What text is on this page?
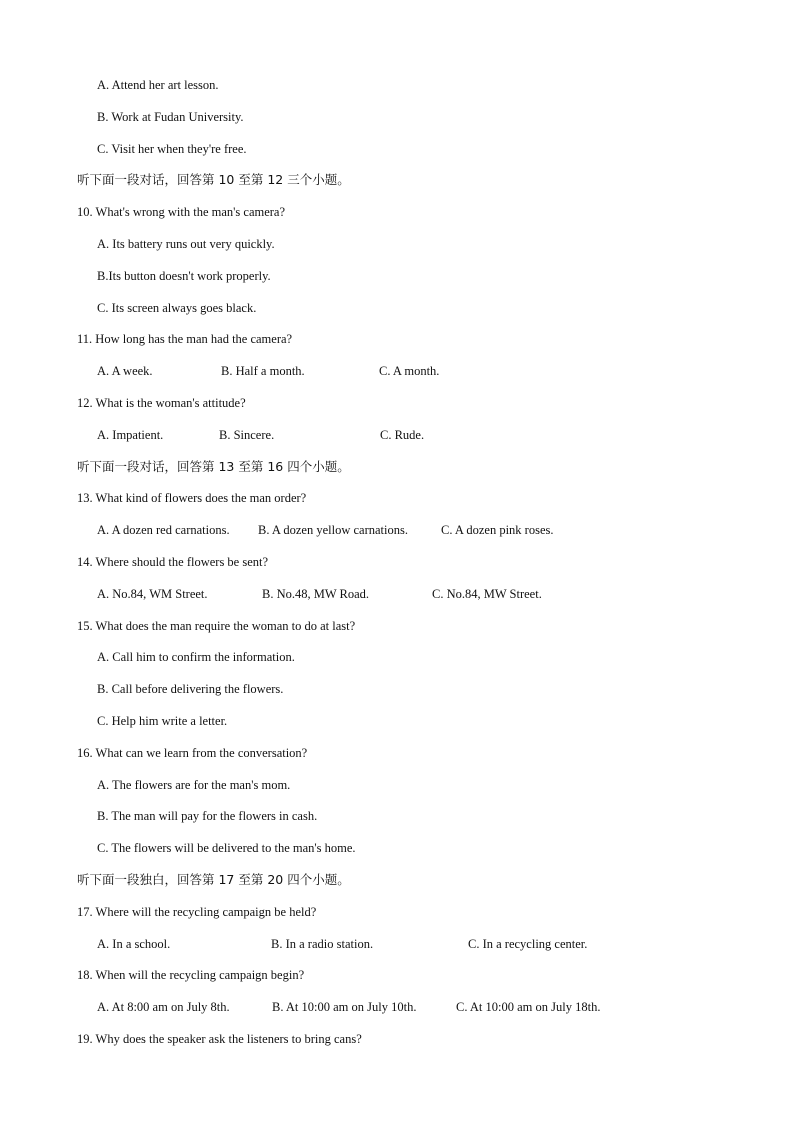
A. Attend her art lesson.
B. Work at Fudan University.
C. Visit her when they're free.
听下面一段对话，回答第 10 至第 12 三个小题。
10. What's wrong with the man's camera?
A. Its battery runs out very quickly.
B.Its button doesn't work properly.
C. Its screen always goes black.
11. How long has the man had the camera?
A. A week.	B. Half a month.	C. A month.
12. What is the woman's attitude?
A. Impatient.	B. Sincere.	C. Rude.
听下面一段对话，回答第 13 至第 16 四个小题。
13. What kind of flowers does the man order?
A. A dozen red carnations. B. A dozen yellow carnations.	C. A dozen pink roses.
14. Where should the flowers be sent?
A. No.84, WM Street.	B. No.48, MW Road.	C. No.84, MW Street.
15. What does the man require the woman to do at last?
A. Call him to confirm the information.
B. Call before delivering the flowers.
C. Help him write a letter.
16. What can we learn from the conversation?
A. The flowers are for the man's mom.
B. The man will pay for the flowers in cash.
C. The flowers will be delivered to the man's home.
听下面一段独白，回答第 17 至第 20 四个小题。
17. Where will the recycling campaign be held?
A. In a school.	B. In a radio station.	C. In a recycling center.
18. When will the recycling campaign begin?
A. At 8:00 am on July 8th.	B. At 10:00 am on July 10th.	C. At 10:00 am on July 18th.
19. Why does the speaker ask the listeners to bring cans?
